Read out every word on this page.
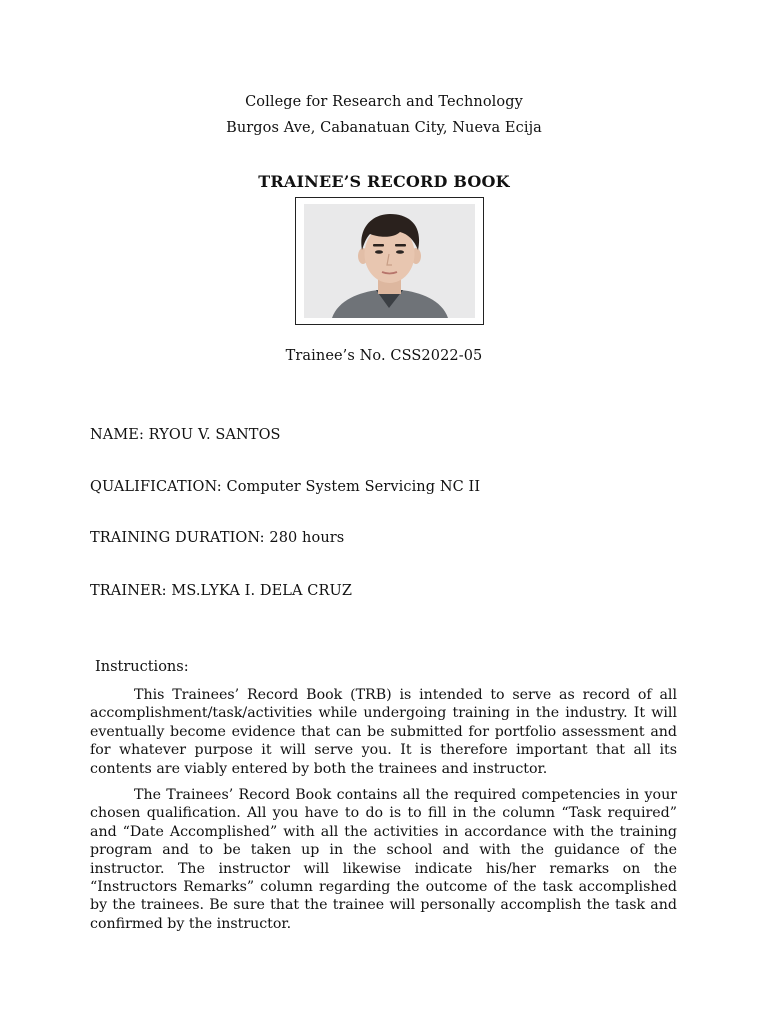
College for Research and Technology
Burgos Ave, Cabanatuan City, Nueva Ecija
TRAINEE’S RECORD BOOK
Trainee’s No. CSS2022-05
NAME: RYOU V. SANTOS
QUALIFICATION: Computer System Servicing NC II
TRAINING DURATION: 280 hours
TRAINER: MS.LYKA I. DELA CRUZ
Instructions:

This Trainees’ Record Book (TRB) is intended to serve as record of all accomplishment/task/activities while undergoing training in the industry. It will eventually become evidence that can be submitted for portfolio assessment and for whatever purpose it will serve you. It is therefore important that all its contents are viably entered by both the trainees and instructor.

The Trainees’ Record Book contains all the required competencies in your chosen qualification. All you have to do is to fill in the column “Task required” and “Date Accomplished” with all the activities in accordance with the training program and to be taken up in the school and with the guidance of the instructor. The instructor will likewise indicate his/her remarks on the “Instructors Remarks” column regarding the outcome of the task accomplished by the trainees. Be sure that the trainee will personally accomplish the task and confirmed by the instructor.
